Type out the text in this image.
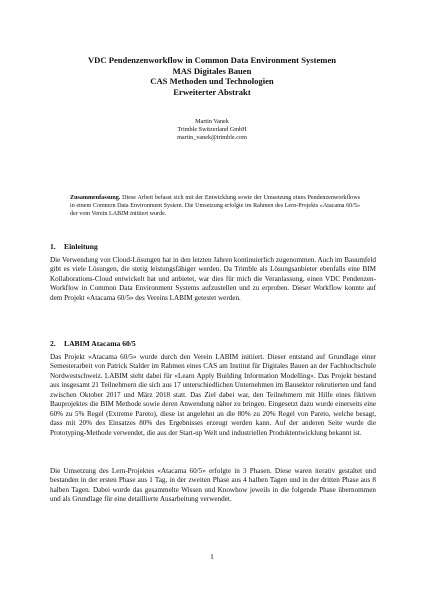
VDC Pendenzenworkflow in Common Data Environment Systemen
MAS Digitales Bauen
CAS Methoden und Technologien
Erweiterter Abstrakt
Martin Vanek
Trimble Switzerland GmbH
martin_vanek@trimble.com
Zusammenfassung. Diese Arbeit befasst sich mit der Entwicklung sowie der Umsetzung eines Pendenzenworkflows in einem Common Data Environment System. Die Umsetzung erfolgte im Rahmen des Lern-Projekts «Atacama 60/5» der vom Verein LABIM initiiert wurde.
1. Einleitung
Die Verwendung von Cloud-Lösungen hat in den letzten Jahren kontinuierlich zugenommen. Auch im Bauumfeld gibt es viele Lösungen, die stetig leistungsfähiger werden. Da Trimble als Lösungsanbieter ebenfalls eine BIM Kollaborations-Cloud entwickelt hat und anbietet, war dies für mich die Veranlassung, einen VDC Pendenzen-Workflow in Common Data Environment Systems aufzustellen und zu erproben. Dieser Workflow konnte auf dem Projekt «Atacama 60/5» des Vereins LABIM getestet werden.
2. LABIM Atacama 60/5
Das Projekt «Atacama 60/5» wurde durch den Verein LABIM initiiert. Dieser entstand auf Grundlage einer Semesterarbeit von Patrick Stalder im Rahmen eines CAS am Institut für Digitales Bauen an der Fachhochschule Nordwestschweiz. LABIM steht dabei für «Learn Apply Building Information Modelling». Das Projekt bestand aus insgesamt 21 Teilnehmern die sich aus 17 unterschiedlichen Unternehmen im Bausektor rekrutierten und fand zwischen Oktober 2017 und März 2018 statt. Das Ziel dabei war, den Teilnehmern mit Hilfe eines fiktiven Bauprojektes die BIM Methode sowie deren Anwendung näher zu bringen. Eingesetzt dazu wurde einerseits eine 60% zu 5% Regel (Extreme Pareto), diese ist angelehnt an die 80% zu 20% Regel von Pareto, welche besagt, dass mit 20% des Einsatzes 80% des Ergebnisses erzeugt werden kann. Auf der anderen Seite wurde die Prototyping-Methode verwendet, die aus der Start-up Welt und industriellen Produktentwicklung bekannt ist.
Die Umsetzung des Lern-Projektes «Atacama 60/5» erfolgte in 3 Phasen. Diese waren iterativ gestaltet und bestanden in der ersten Phase aus 1 Tag, in der zweiten Phase aus 4 halben Tagen und in der dritten Phase aus 8 halben Tagen. Dabei wurde das gesammelte Wissen und Knowhow jeweils in die folgende Phase übernommen und als Grundlage für eine detaillierte Ausarbeitung verwendet.
1
